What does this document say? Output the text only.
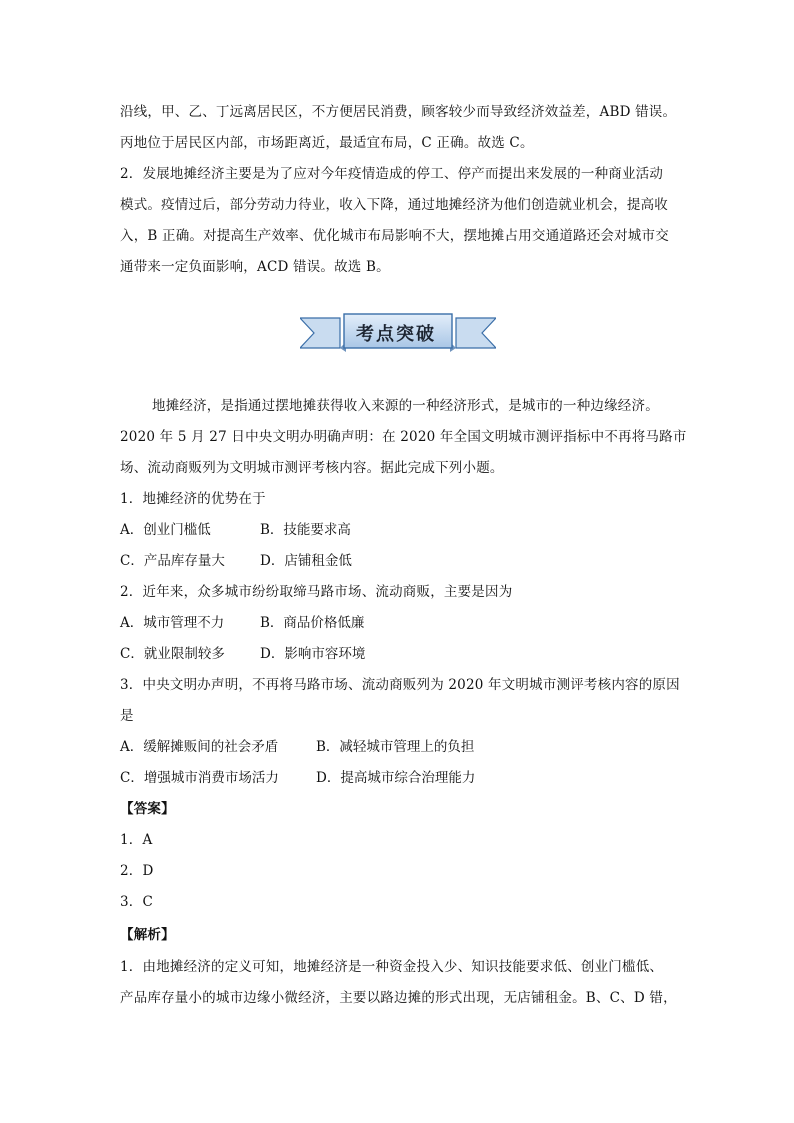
沿线，甲、乙、丁远离居民区，不方便居民消费，顾客较少而导致经济效益差，ABD 错误。
丙地位于居民区内部，市场距离近，最适宜布局，C 正确。故选 C。
2．发展地摊经济主要是为了应对今年疫情造成的停工、停产而提出来发展的一种商业活动
模式。疫情过后，部分劳动力待业，收入下降，通过地摊经济为他们创造就业机会，提高收
入，B 正确。对提高生产效率、优化城市布局影响不大，摆地摊占用交通道路还会对城市交
通带来一定负面影响，ACD 错误。故选 B。
考点突破
地摊经济，是指通过摆地摊获得收入来源的一种经济形式，是城市的一种边缘经济。
2020 年 5 月 27 日中央文明办明确声明：在 2020 年全国文明城市测评指标中不再将马路市
场、流动商贩列为文明城市测评考核内容。据此完成下列小题。
1．地摊经济的优势在于
A．创业门槛低	B．技能要求高
C．产品库存量大	D．店铺租金低
2．近年来，众多城市纷纷取缔马路市场、流动商贩，主要是因为
A．城市管理不力	B．商品价格低廉
C．就业限制较多	D．影响市容环境
3．中央文明办声明，不再将马路市场、流动商贩列为 2020 年文明城市测评考核内容的原因
是
A．缓解摊贩间的社会矛盾	B．减轻城市管理上的负担
C．增强城市消费市场活力	D．提高城市综合治理能力
【答案】
1．A
2．D
3．C
【解析】
1．由地摊经济的定义可知，地摊经济是一种资金投入少、知识技能要求低、创业门槛低、
产品库存量小的城市边缘小微经济，主要以路边摊的形式出现，无店铺租金。B、C、D 错，
